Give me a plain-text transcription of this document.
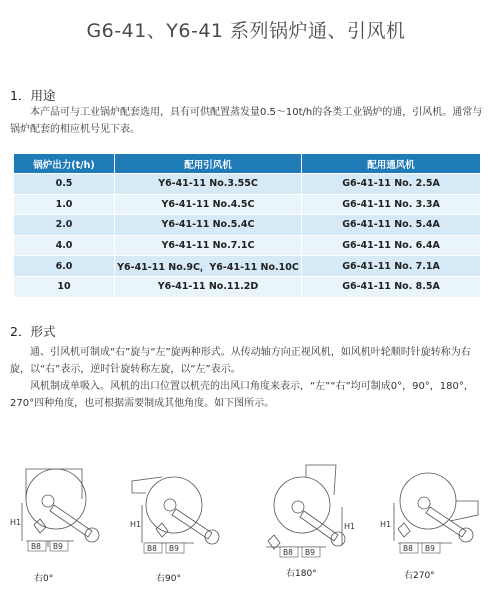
G6-41、Y6-41 系列锅炉通、引风机
1．用途

本产品可与工业锅炉配套选用，具有可供配置蒸发量0.5～10t/h的各类工业锅炉的通，引风机。通常与锅炉配套的相应机号见下表。

锅炉出力(t/h)	配用引风机	配用通风机
0.5	Y6-41-11 No.3.55C	G6-41-11 No. 2.5A
1.0	Y6-41-11 No.4.5C	G6-41-11 No. 3.3A
2.0	Y6-41-11 No.5.4C	G6-41-11 No. 5.4A
4.0	Y6-41-11 No.7.1C	G6-41-11 No. 6.4A
6.0	Y6-41-11 No.9C，Y6-41-11 No.10C	G6-41-11 No. 7.1A
10	Y6-41-11 No.11.2D	G6-41-11 No. 8.5A
2．形式

通、引风机可制成“右”旋与“左”旋两种形式。从传动轴方向正视风机，如风机叶轮顺时针旋转称为右旋，以“右”表示，逆时针旋转称左旋，以“左”表示。

风机制成单吸入。风机的出口位置以机壳的出风口角度来表示，“左”“右”均可制成0°，90°，180°，270°四种角度，也可根据需要制成其他角度。如下图所示。

H1
B8 B9
右0°
H1
B8 B9
右90°
H1
B8 B9
右180°
H1
B8 B9
右270°
